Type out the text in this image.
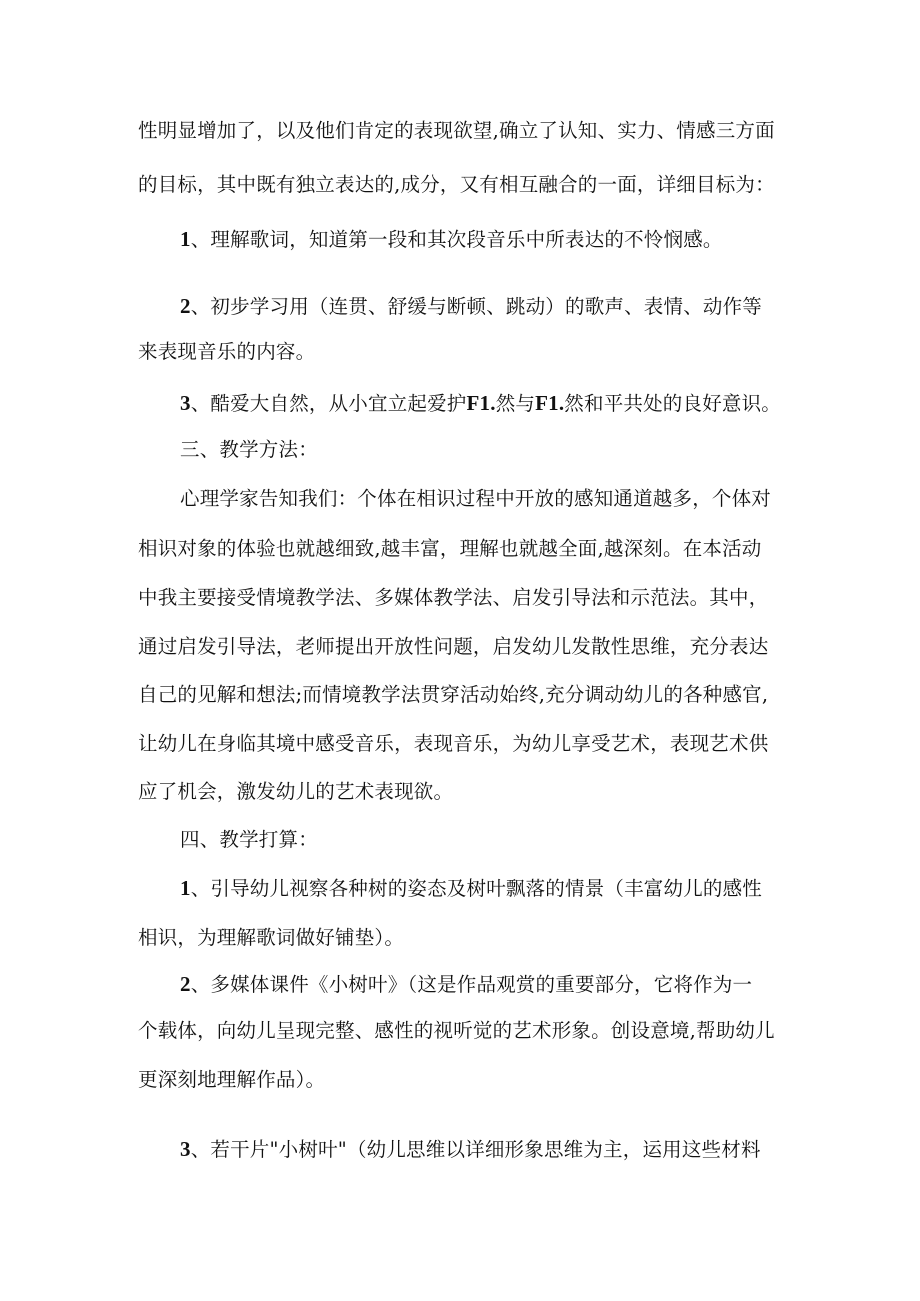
性明显增加了，以及他们肯定的表现欲望,确立了认知、实力、情感三方面
的目标，其中既有独立表达的,成分，又有相互融合的一面，详细目标为：
1、理解歌词，知道第一段和其次段音乐中所表达的不怜悯感。
2、初步学习用（连贯、舒缓与断顿、跳动）的歌声、表情、动作等
来表现音乐的内容。
3、酷爱大自然，从小宜立起爱护F1.然与F1.然和平共处的良好意识。
三、教学方法：
心理学家告知我们：个体在相识过程中开放的感知通道越多，个体对
相识对象的体验也就越细致,越丰富，理解也就越全面,越深刻。在本活动
中我主要接受情境教学法、多媒体教学法、启发引导法和示范法。其中，
通过启发引导法，老师提出开放性问题，启发幼儿发散性思维，充分表达
自己的见解和想法;而情境教学法贯穿活动始终,充分调动幼儿的各种感官,
让幼儿在身临其境中感受音乐，表现音乐，为幼儿享受艺术，表现艺术供
应了机会，激发幼儿的艺术表现欲。
四、教学打算：
1、引导幼儿视察各种树的姿态及树叶飘落的情景（丰富幼儿的感性
相识，为理解歌词做好铺垫）。
2、多媒体课件《小树叶》（这是作品观赏的重要部分，它将作为一
个载体，向幼儿呈现完整、感性的视听觉的艺术形象。创设意境,帮助幼儿
更深刻地理解作品）。
3、若干片"小树叶"（幼儿思维以详细形象思维为主，运用这些材料
